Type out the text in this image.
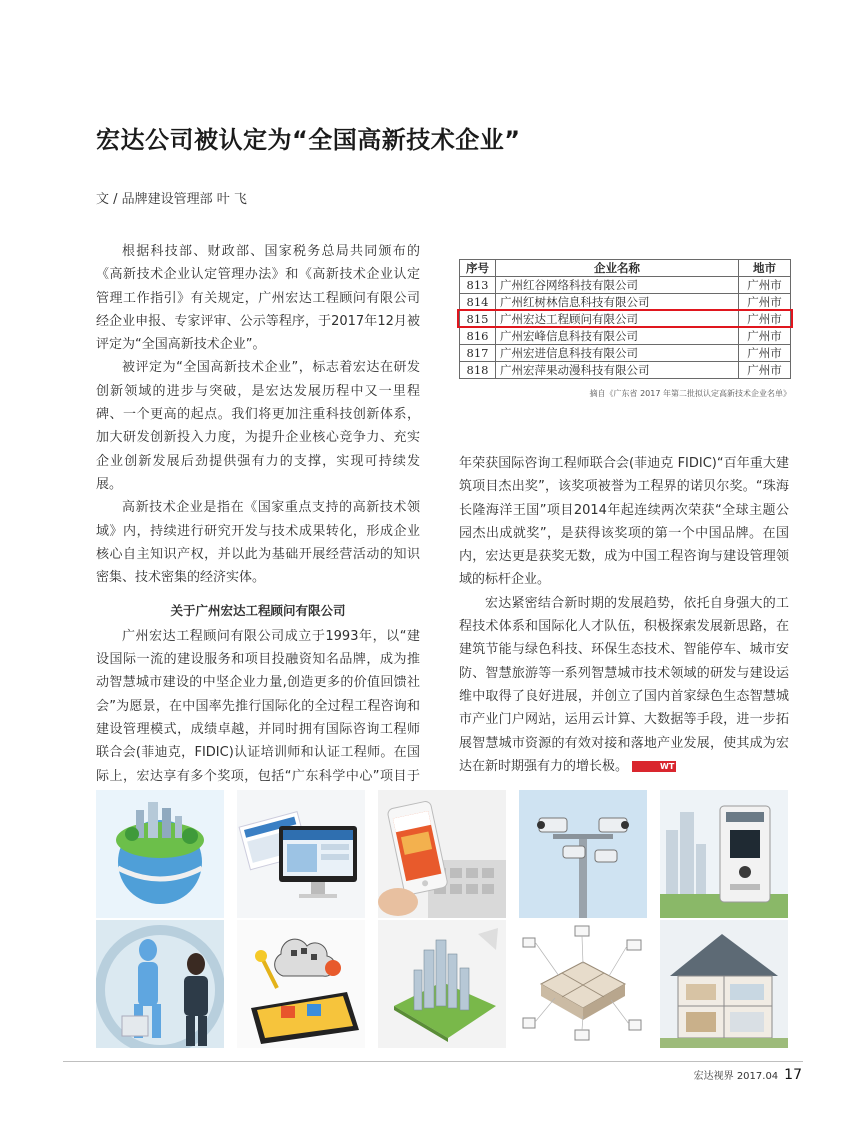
宏达公司被认定为“全国高新技术企业”
文 / 品牌建设管理部 叶 飞

根据科技部、财政部、国家税务总局共同颁布的《高新技术企业认定管理办法》和《高新技术企业认定管理工作指引》有关规定，广州宏达工程顾问有限公司经企业申报、专家评审、公示等程序，于2017年12月被评定为“全国高新技术企业”。

被评定为“全国高新技术企业”，标志着宏达在研发创新领域的进步与突破，是宏达发展历程中又一里程碑、一个更高的起点。我们将更加注重科技创新体系，加大研发创新投入力度，为提升企业核心竞争力、充实企业创新发展后劲提供强有力的支撑，实现可持续发展。

高新技术企业是指在《国家重点支持的高新技术领域》内，持续进行研究开发与技术成果转化，形成企业核心自主知识产权，并以此为基础开展经营活动的知识密集、技术密集的经济实体。

关于广州宏达工程顾问有限公司

广州宏达工程顾问有限公司成立于1993年，以“建设国际一流的建设服务和项目投融资知名品牌，成为推动智慧城市建设的中坚企业力量,创造更多的价值回馈社会”为愿景，在中国率先推行国际化的全过程工程咨询和建设管理模式，成绩卓越，并同时拥有国际咨询工程师联合会(菲迪克，FIDIC)认证培训师和认证工程师。在国际上，宏达享有多个奖项，包括“广东科学中心”项目于

序号	企业名称	地市
813	广州红谷网络科技有限公司	广州市
814	广州红树林信息科技有限公司	广州市
815	广州宏达工程顾问有限公司	广州市
816	广州宏峰信息科技有限公司	广州市
817	广州宏进信息科技有限公司	广州市
818	广州宏萍果动漫科技有限公司	广州市
摘自《广东省 2017 年第二批拟认定高新技术企业名单》

年荣获国际咨询工程师联合会(菲迪克 FIDIC)“百年重大建筑项目杰出奖”，该奖项被誉为工程界的诺贝尔奖。“珠海长隆海洋王国”项目2014年起连续两次荣获“全球主题公园杰出成就奖”，是获得该奖项的第一个中国品牌。在国内，宏达更是获奖无数，成为中国工程咨询与建设管理领域的标杆企业。

宏达紧密结合新时期的发展趋势，依托自身强大的工程技术体系和国际化人才队伍，积极探索发展新思路，在建筑节能与绿色科技、环保生态技术、智能停车、城市安防、智慧旅游等一系列智慧城市技术领域的研发与建设运维中取得了良好进展，并创立了国内首家绿色生态智慧城市产业门户网站，运用云计算、大数据等手段，进一步拓展智慧城市资源的有效对接和落地产业发展，使其成为宏达在新时期强有力的增长极。	WT

宏达视界 2017.04 17
